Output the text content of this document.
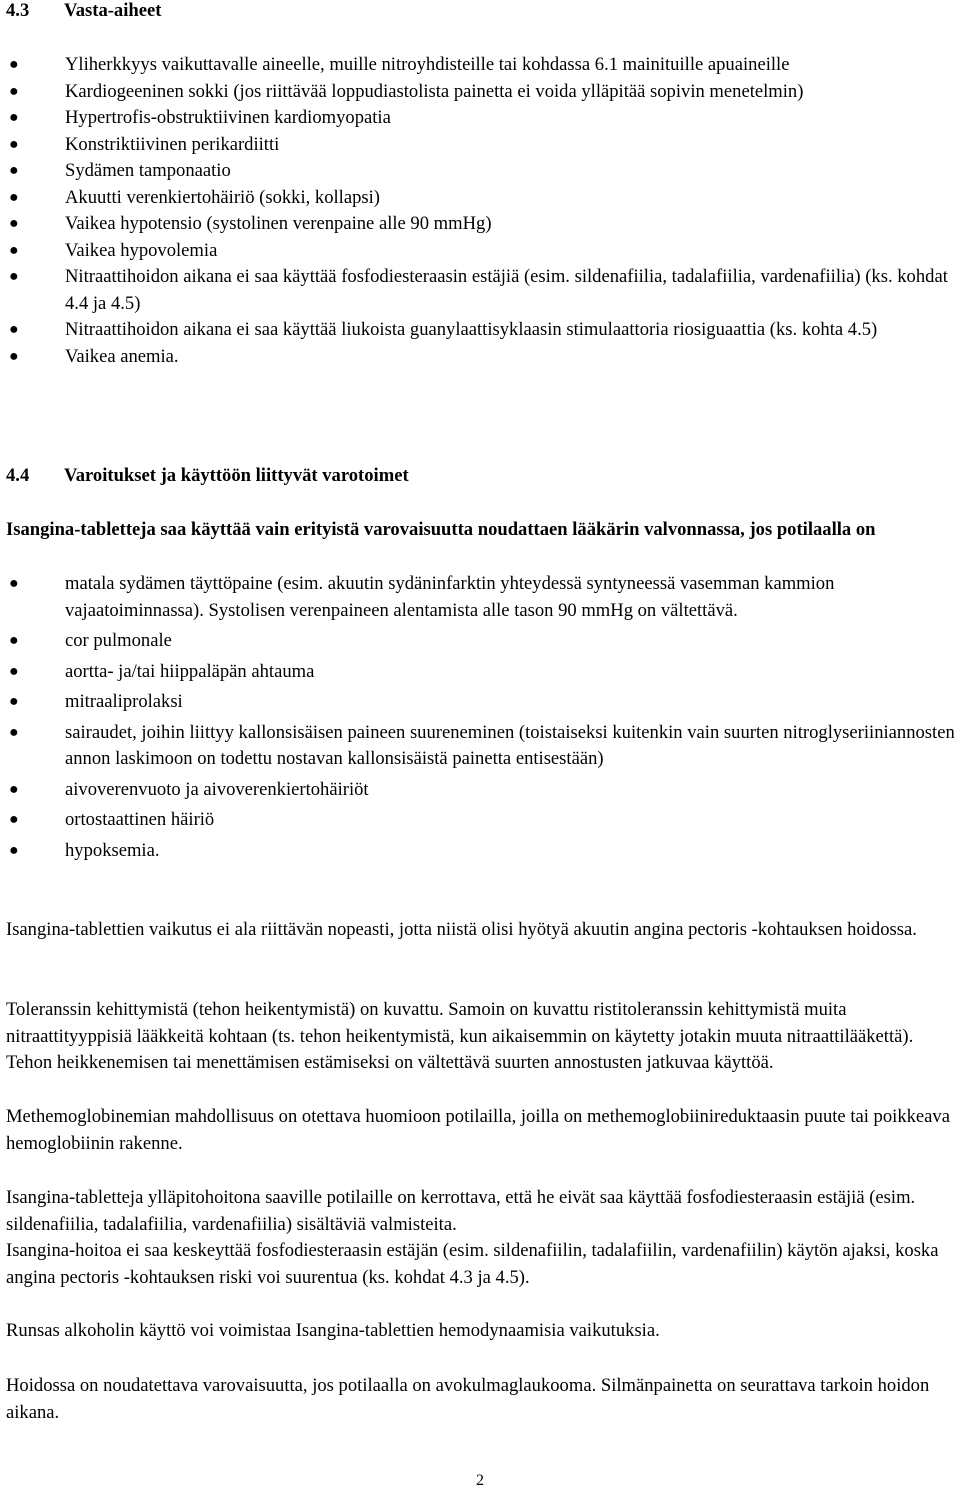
4.3 Vasta-aiheet
● Yliherkkyys vaikuttavalle aineelle, muille nitroyhdisteille tai kohdassa 6.1 mainituille apuaineille
● Kardiogeeninen sokki (jos riittävää loppudiastolista painetta ei voida ylläpitää sopivin menetelmin)
● Hypertrofis-obstruktiivinen kardiomyopatia
● Konstriktiivinen perikardiitti
● Sydämen tamponaatio
● Akuutti verenkiertohäiriö (sokki, kollapsi)
● Vaikea hypotensio (systolinen verenpaine alle 90 mmHg)
● Vaikea hypovolemia
● Nitraattihoidon aikana ei saa käyttää fosfodiesteraasin estäjiä (esim. sildenafiilia, tadalafiilia, vardenafiilia) (ks. kohdat 4.4 ja 4.5)
● Nitraattihoidon aikana ei saa käyttää liukoista guanylaattisyklaasin stimulaattoria riosiguaattia (ks. kohta 4.5)
● Vaikea anemia.
4.4 Varoitukset ja käyttöön liittyvät varotoimet

Isangina-tabletteja saa käyttää vain erityistä varovaisuutta noudattaen lääkärin valvonnassa, jos potilaalla on

● matala sydämen täyttöpaine (esim. akuutin sydäninfarktin yhteydessä syntyneessä vasemman kammion vajaatoiminnassa). Systolisen verenpaineen alentamista alle tason 90 mmHg on vältettävä.
● cor pulmonale
● aortta- ja/tai hiippaläpän ahtauma
● mitraaliprolaksi
● sairaudet, joihin liittyy kallonsisäisen paineen suureneminen (toistaiseksi kuitenkin vain suurten nitroglyseriiniannosten annon laskimoon on todettu nostavan kallonsisäistä painetta entisestään)
● aivoverenvuoto ja aivoverenkiertohäiriöt
● ortostaattinen häiriö
● hypoksemia.

Isangina-tablettien vaikutus ei ala riittävän nopeasti, jotta niistä olisi hyötyä akuutin angina pectoris -kohtauksen hoidossa.

Toleranssin kehittymistä (tehon heikentymistä) on kuvattu. Samoin on kuvattu ristitoleranssin kehittymistä muita nitraattityyppisiä lääkkeitä kohtaan (ts. tehon heikentymistä, kun aikaisemmin on käytetty jotakin muuta nitraattilääkettä). Tehon heikkenemisen tai menettämisen estämiseksi on vältettävä suurten annostusten jatkuvaa käyttöä.

Methemoglobinemian mahdollisuus on otettava huomioon potilailla, joilla on methemoglobiinireduktaasin puute tai poikkeava hemoglobiinin rakenne.

Isangina-tabletteja ylläpitohoitona saaville potilaille on kerrottava, että he eivät saa käyttää fosfodiesteraasin estäjiä (esim. sildenafiilia, tadalafiilia, vardenafiilia) sisältäviä valmisteita.

Isangina-hoitoa ei saa keskeyttää fosfodiesteraasin estäjän (esim. sildenafiilin, tadalafiilin, vardenafiilin) käytön ajaksi, koska angina pectoris -kohtauksen riski voi suurentua (ks. kohdat 4.3 ja 4.5).

Runsas alkoholin käyttö voi voimistaa Isangina-tablettien hemodynaamisia vaikutuksia.

Hoidossa on noudatettava varovaisuutta, jos potilaalla on avokulmaglaukooma. Silmänpainetta on seurattava tarkoin hoidon aikana.

2
